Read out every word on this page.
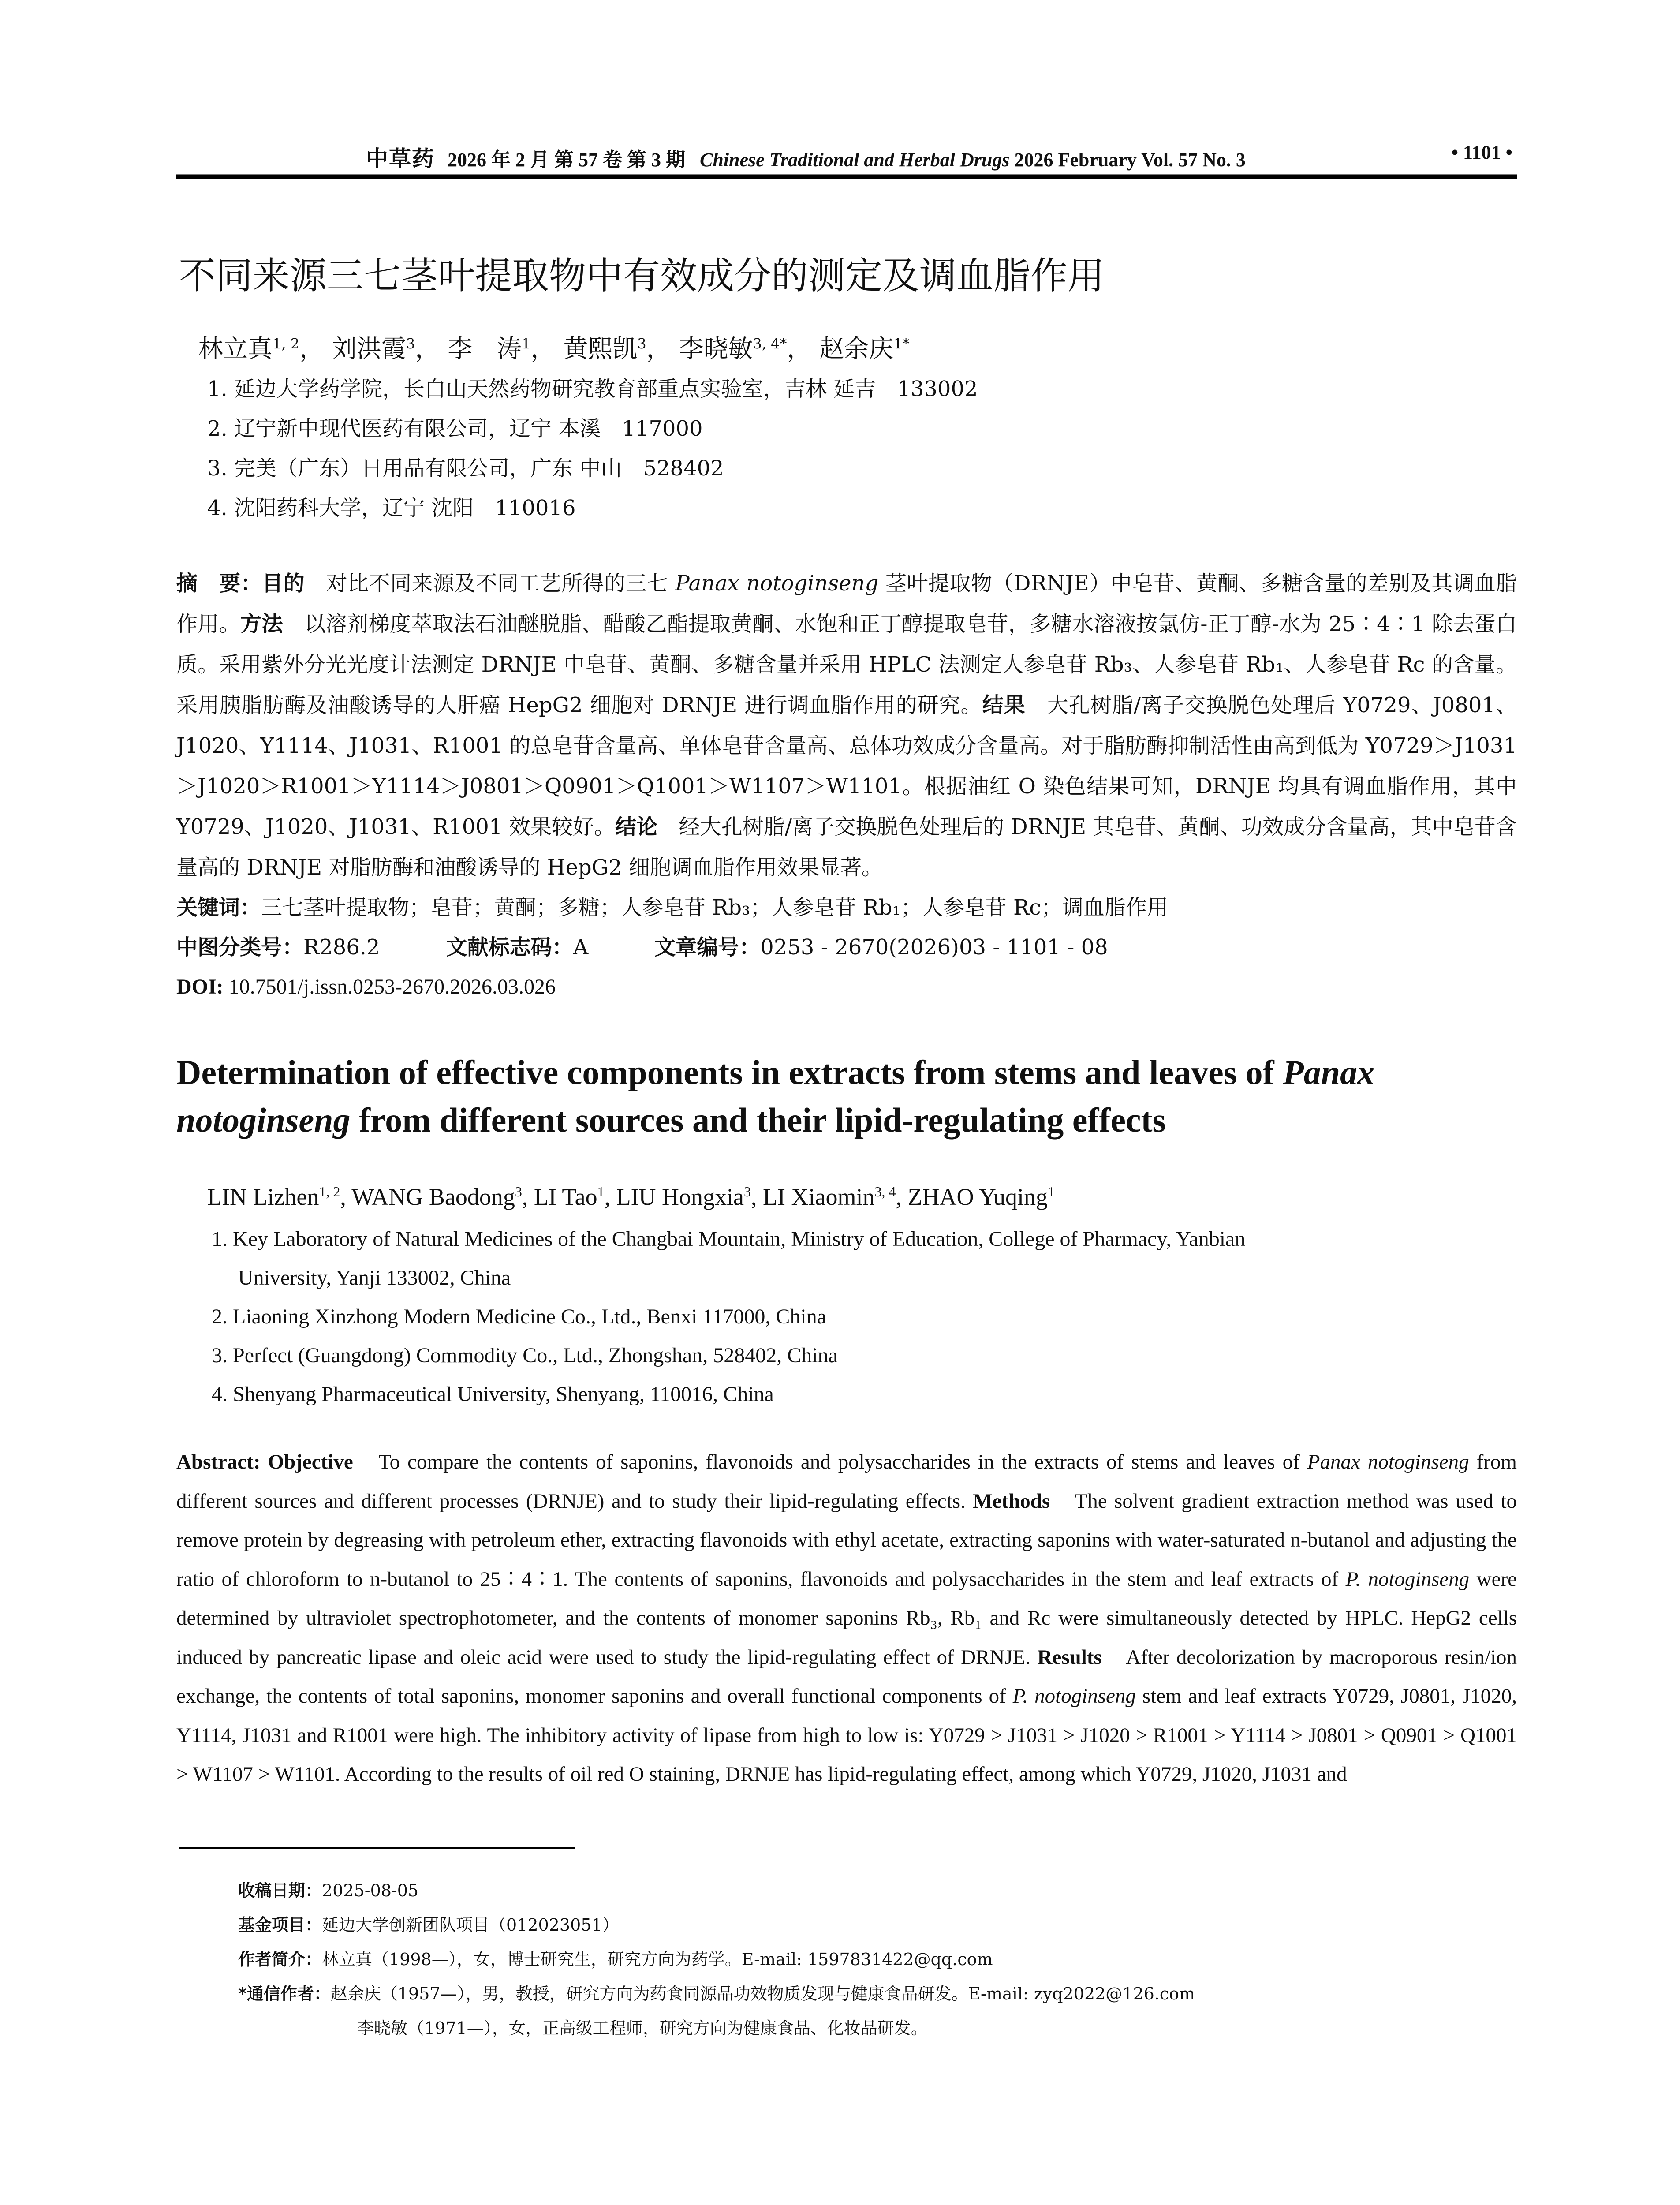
中草药 2026 年 2 月 第 57 卷 第 3 期 Chinese Traditional and Herbal Drugs 2026 February Vol. 57 No. 3	• 1101 •
不同来源三七茎叶提取物中有效成分的测定及调血脂作用
林立真$^{1, 2}$， 刘洪霞$^3$， 李　涛$^1$， 黄熙凯$^3$， 李晓敏$^{3, 4*}$， 赵余庆$^{1*}$
1. 延边大学药学院，长白山天然药物研究教育部重点实验室，吉林 延吉　133002
2. 辽宁新中现代医药有限公司，辽宁 本溪　117000
3. 完美（广东）日用品有限公司，广东 中山　528402
4. 沈阳药科大学，辽宁 沈阳　110016
摘　要：目的　对比不同来源及不同工艺所得的三七 Panax notoginseng 茎叶提取物（DRNJE）中皂苷、黄酮、多糖含量的差别及其调血脂作用。方法　以溶剂梯度萃取法石油醚脱脂、醋酸乙酯提取黄酮、水饱和正丁醇提取皂苷，多糖水溶液按氯仿-正丁醇-水为 25∶4∶1 除去蛋白质。采用紫外分光光度计法测定 DRNJE 中皂苷、黄酮、多糖含量并采用 HPLC 法测定人参皂苷 Rb₃、人参皂苷 Rb₁、人参皂苷 Rc 的含量。采用胰脂肪酶及油酸诱导的人肝癌 HepG2 细胞对 DRNJE 进行调血脂作用的研究。结果　大孔树脂/离子交换脱色处理后 Y0729、J0801、J1020、Y1114、J1031、R1001 的总皂苷含量高、单体皂苷含量高、总体功效成分含量高。对于脂肪酶抑制活性由高到低为 Y0729＞J1031＞J1020＞R1001＞Y1114＞J0801＞Q0901＞Q1001＞W1107＞W1101。根据油红 O 染色结果可知，DRNJE 均具有调血脂作用，其中 Y0729、J1020、J1031、R1001 效果较好。结论　经大孔树脂/离子交换脱色处理后的 DRNJE 其皂苷、黄酮、功效成分含量高，其中皂苷含量高的 DRNJE 对脂肪酶和油酸诱导的 HepG2 细胞调血脂作用效果显著。
关键词：三七茎叶提取物；皂苷；黄酮；多糖；人参皂苷 Rb₃；人参皂苷 Rb₁；人参皂苷 Rc；调血脂作用
中图分类号：R286.2	文献标志码：A	文章编号：0253 - 2670(2026)03 - 1101 - 08
DOI: 10.7501/j.issn.0253-2670.2026.03.026
Determination of effective components in extracts from stems and leaves of Panax notoginseng from different sources and their lipid-regulating effects
LIN Lizhen$^{1, 2}$, WANG Baodong$^3$, LI Tao$^1$, LIU Hongxia$^3$, LI Xiaomin$^{3, 4}$, ZHAO Yuqing$^1$
1. Key Laboratory of Natural Medicines of the Changbai Mountain, Ministry of Education, College of Pharmacy, Yanbian
University, Yanji 133002, China
2. Liaoning Xinzhong Modern Medicine Co., Ltd., Benxi 117000, China
3. Perfect (Guangdong) Commodity Co., Ltd., Zhongshan, 528402, China
4. Shenyang Pharmaceutical University, Shenyang, 110016, China
Abstract: Objective　To compare the contents of saponins, flavonoids and polysaccharides in the extracts of stems and leaves of Panax notoginseng from different sources and different processes (DRNJE) and to study their lipid-regulating effects. Methods　The solvent gradient extraction method was used to remove protein by degreasing with petroleum ether, extracting flavonoids with ethyl acetate, extracting saponins with water-saturated n-butanol and adjusting the ratio of chloroform to n-butanol to 25∶4∶1. The contents of saponins, flavonoids and polysaccharides in the stem and leaf extracts of P. notoginseng were determined by ultraviolet spectrophotometer, and the contents of monomer saponins Rb₃, Rb₁ and Rc were simultaneously detected by HPLC. HepG2 cells induced by pancreatic lipase and oleic acid were used to study the lipid-regulating effect of DRNJE. Results　After decolorization by macroporous resin/ion exchange, the contents of total saponins, monomer saponins and overall functional components of P. notoginseng stem and leaf extracts Y0729, J0801, J1020, Y1114, J1031 and R1001 were high. The inhibitory activity of lipase from high to low is: Y0729 > J1031 > J1020 > R1001 > Y1114 > J0801 > Q0901 > Q1001 > W1107 > W1101. According to the results of oil red O staining, DRNJE has lipid-regulating effect, among which Y0729, J1020, J1031 and
收稿日期：2025-08-05
基金项目：延边大学创新团队项目（012023051）
作者简介：林立真（1998—），女，博士研究生，研究方向为药学。E-mail: 1597831422@qq.com
*通信作者：赵余庆（1957—），男，教授，研究方向为药食同源品功效物质发现与健康食品研发。E-mail: zyq2022@126.com
李晓敏（1971—），女，正高级工程师，研究方向为健康食品、化妆品研发。
